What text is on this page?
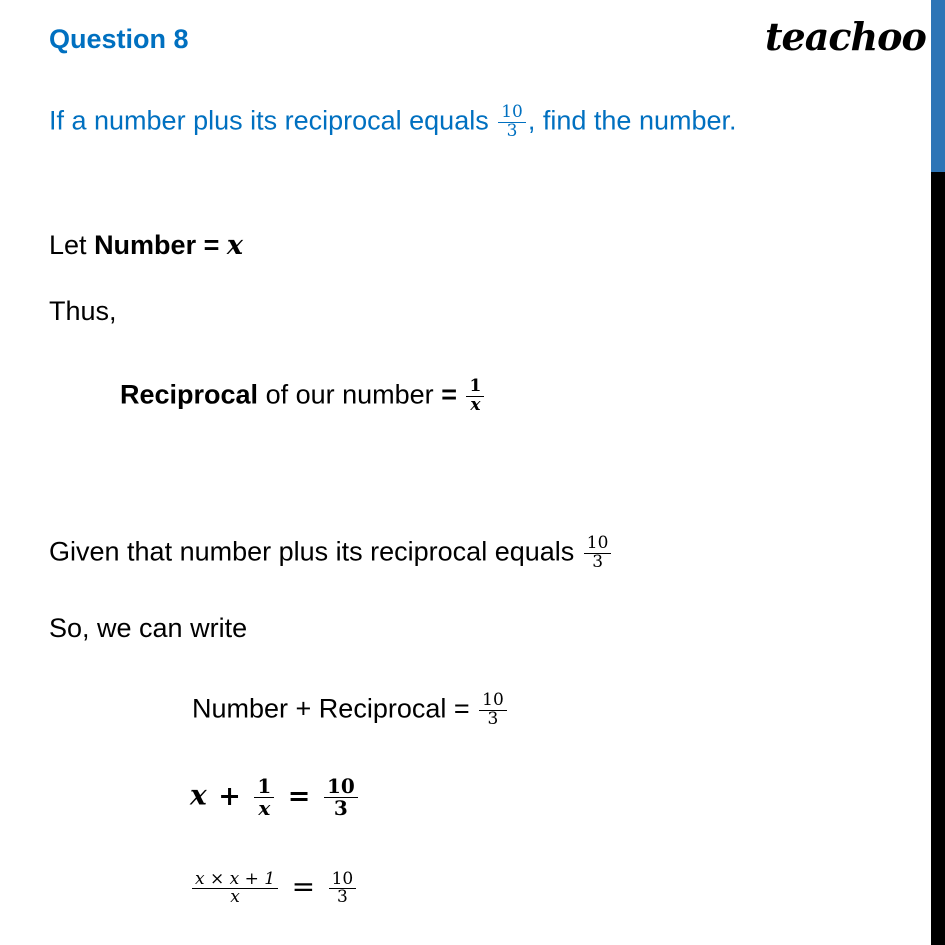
Question 8	teachoo
If a number plus its reciprocal equals $\frac{10}{3}$ , find the number.
Let Number = x
Thus,
Reciprocal of our number = $\frac{1}{x}$
Given that number plus its reciprocal equals $\frac{10}{3}$
So, we can write
Number + Reciprocal = $\frac{10}{3}$
$x + \frac{1}{x} = \frac{10}{3}$
$\frac{x \times x + 1}{x} = \frac{10}{3}$
